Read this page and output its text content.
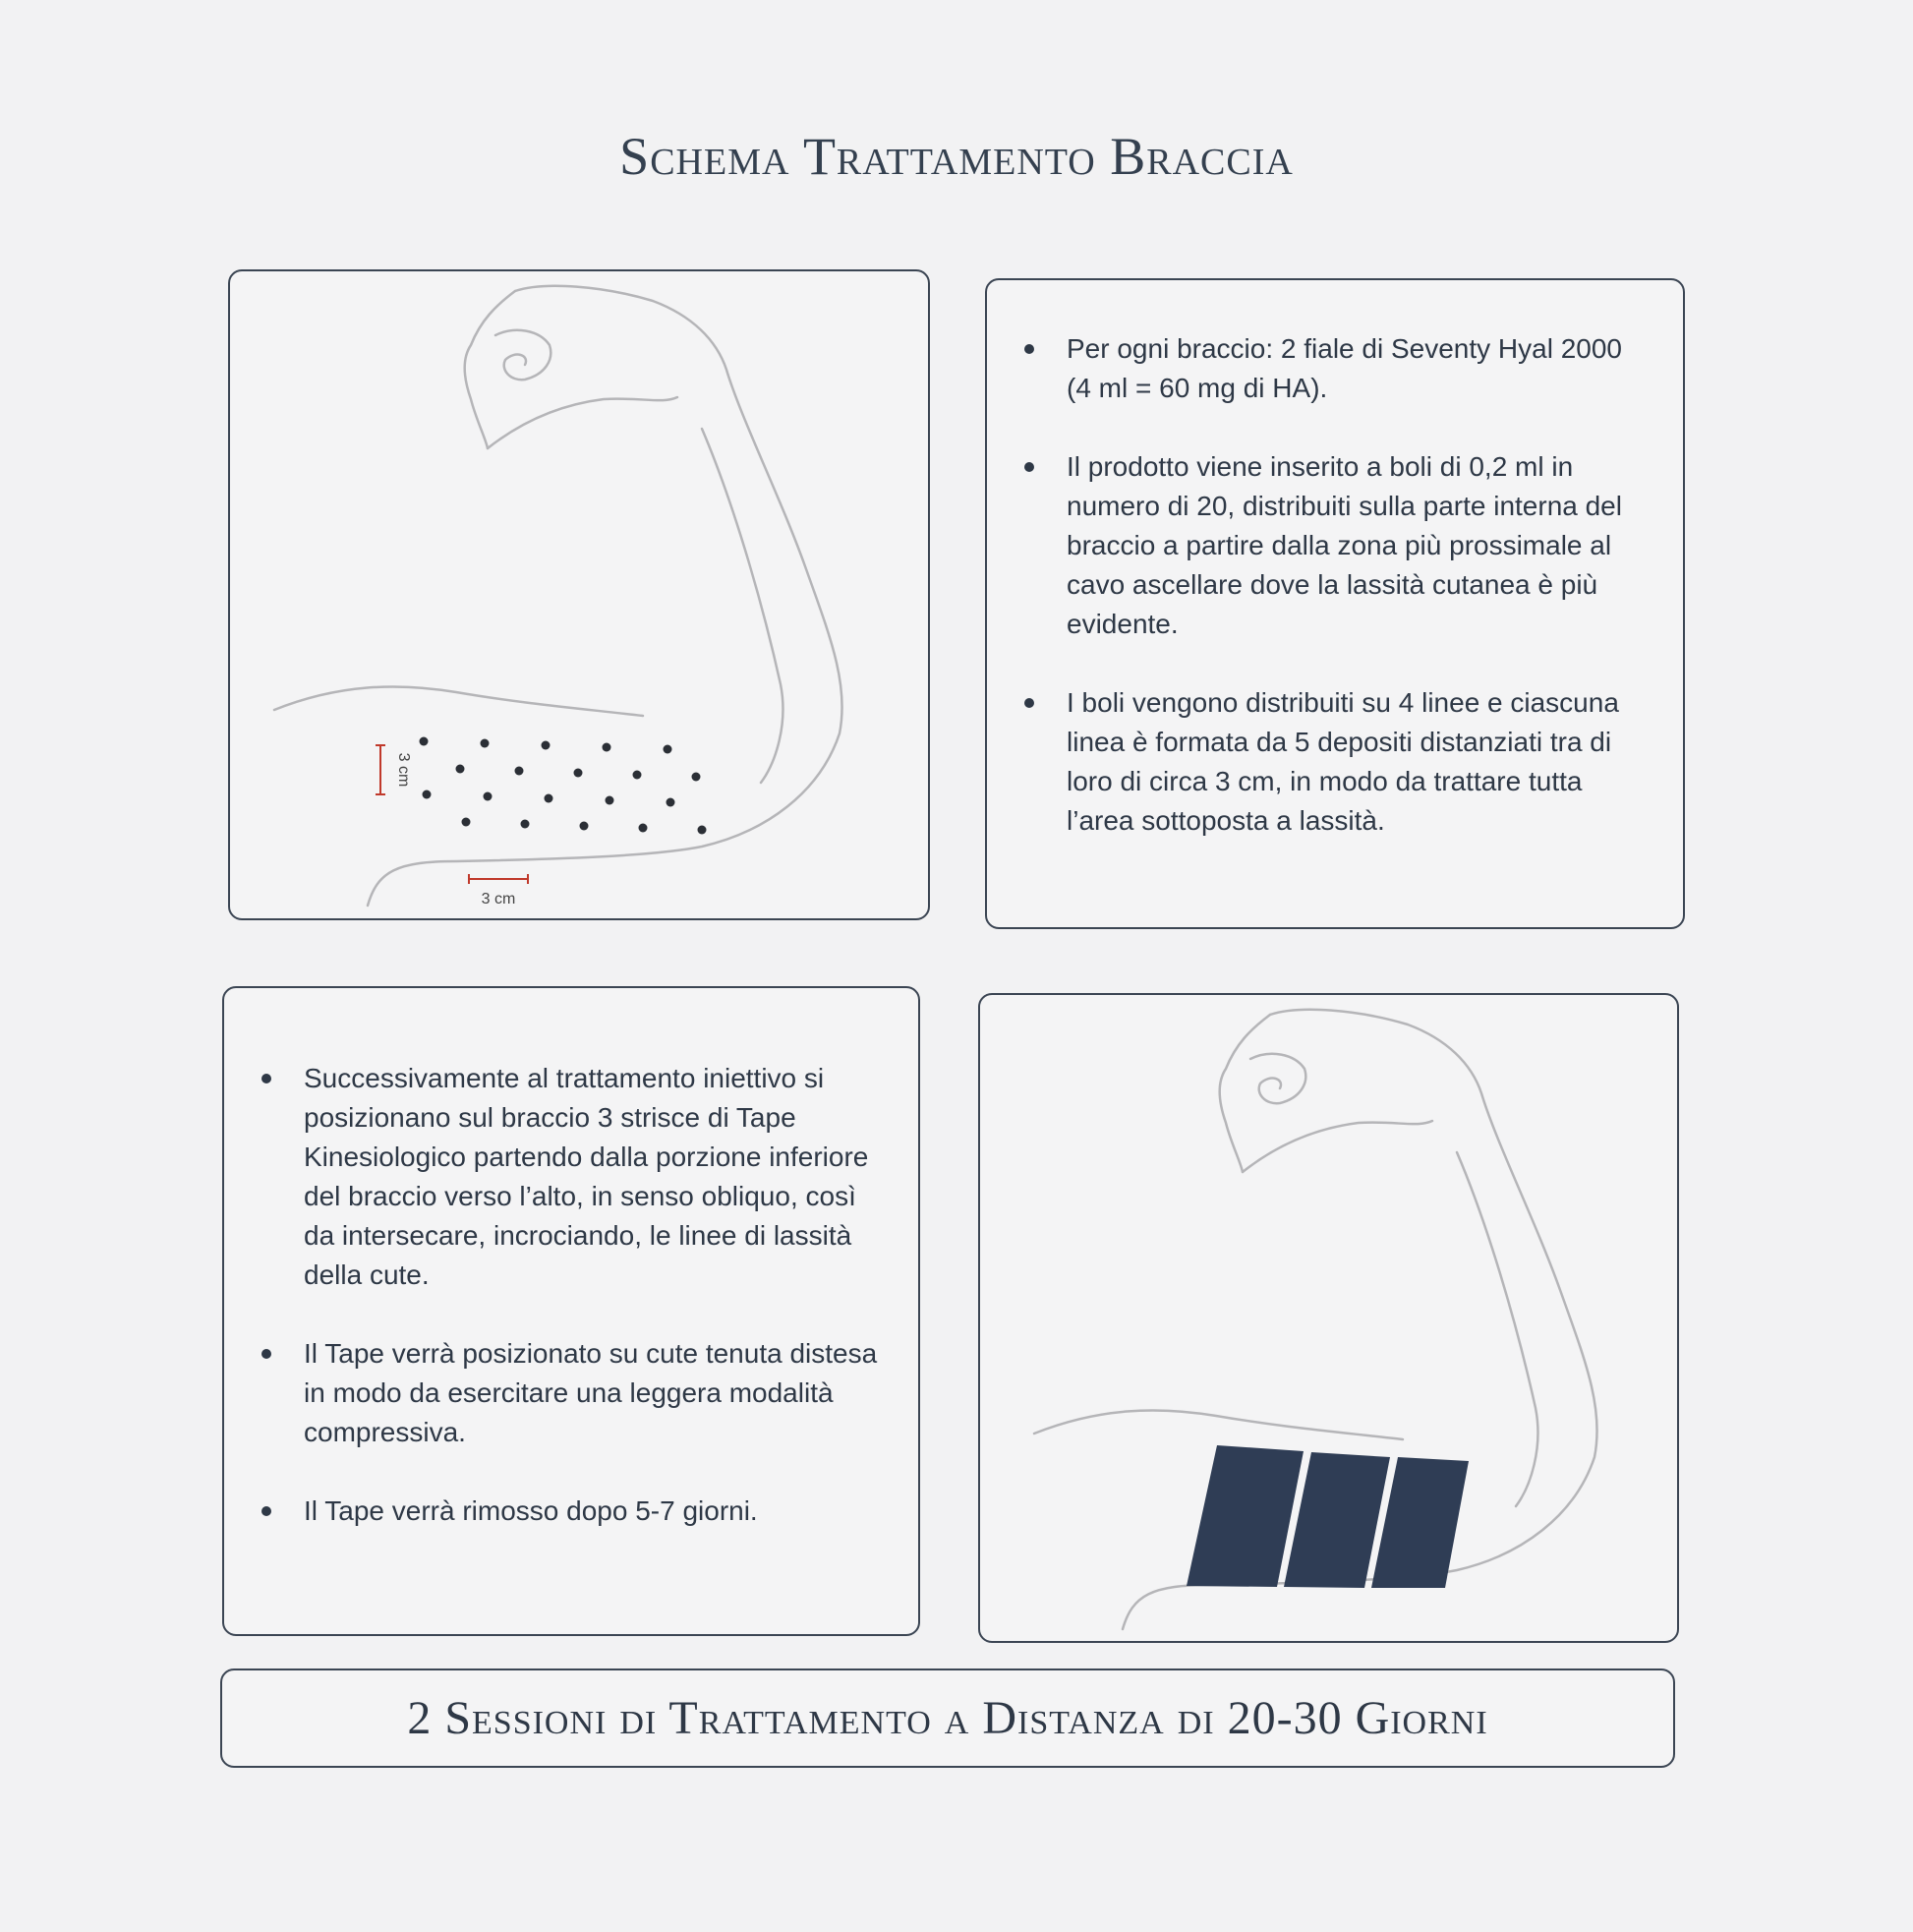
Schema Trattamento Braccia
3 cm
3 cm
Per ogni braccio: 2 fiale di Seventy Hyal 2000 (4 ml = 60 mg di HA).
Il prodotto viene inserito a boli di 0,2 ml in numero di 20, distribuiti sulla parte interna del braccio a partire dalla zona più prossimale al cavo ascellare dove la lassità cutanea è più evidente.
I boli vengono distribuiti su 4 linee e ciascuna linea è formata da 5 depositi distanziati tra di loro di circa 3 cm, in modo da trattare tutta l’area sottoposta a lassità.
Successivamente al trattamento iniettivo si posizionano sul braccio 3 strisce di Tape Kinesiologico partendo dalla porzione inferiore del braccio verso l’alto, in senso obliquo, così da intersecare, incrociando, le linee di lassità della cute.
Il Tape verrà posizionato su cute tenuta distesa in modo da esercitare una leggera modalità compressiva.
Il Tape verrà rimosso dopo 5-7 giorni.
2 Sessioni di Trattamento a Distanza di 20-30 Giorni
